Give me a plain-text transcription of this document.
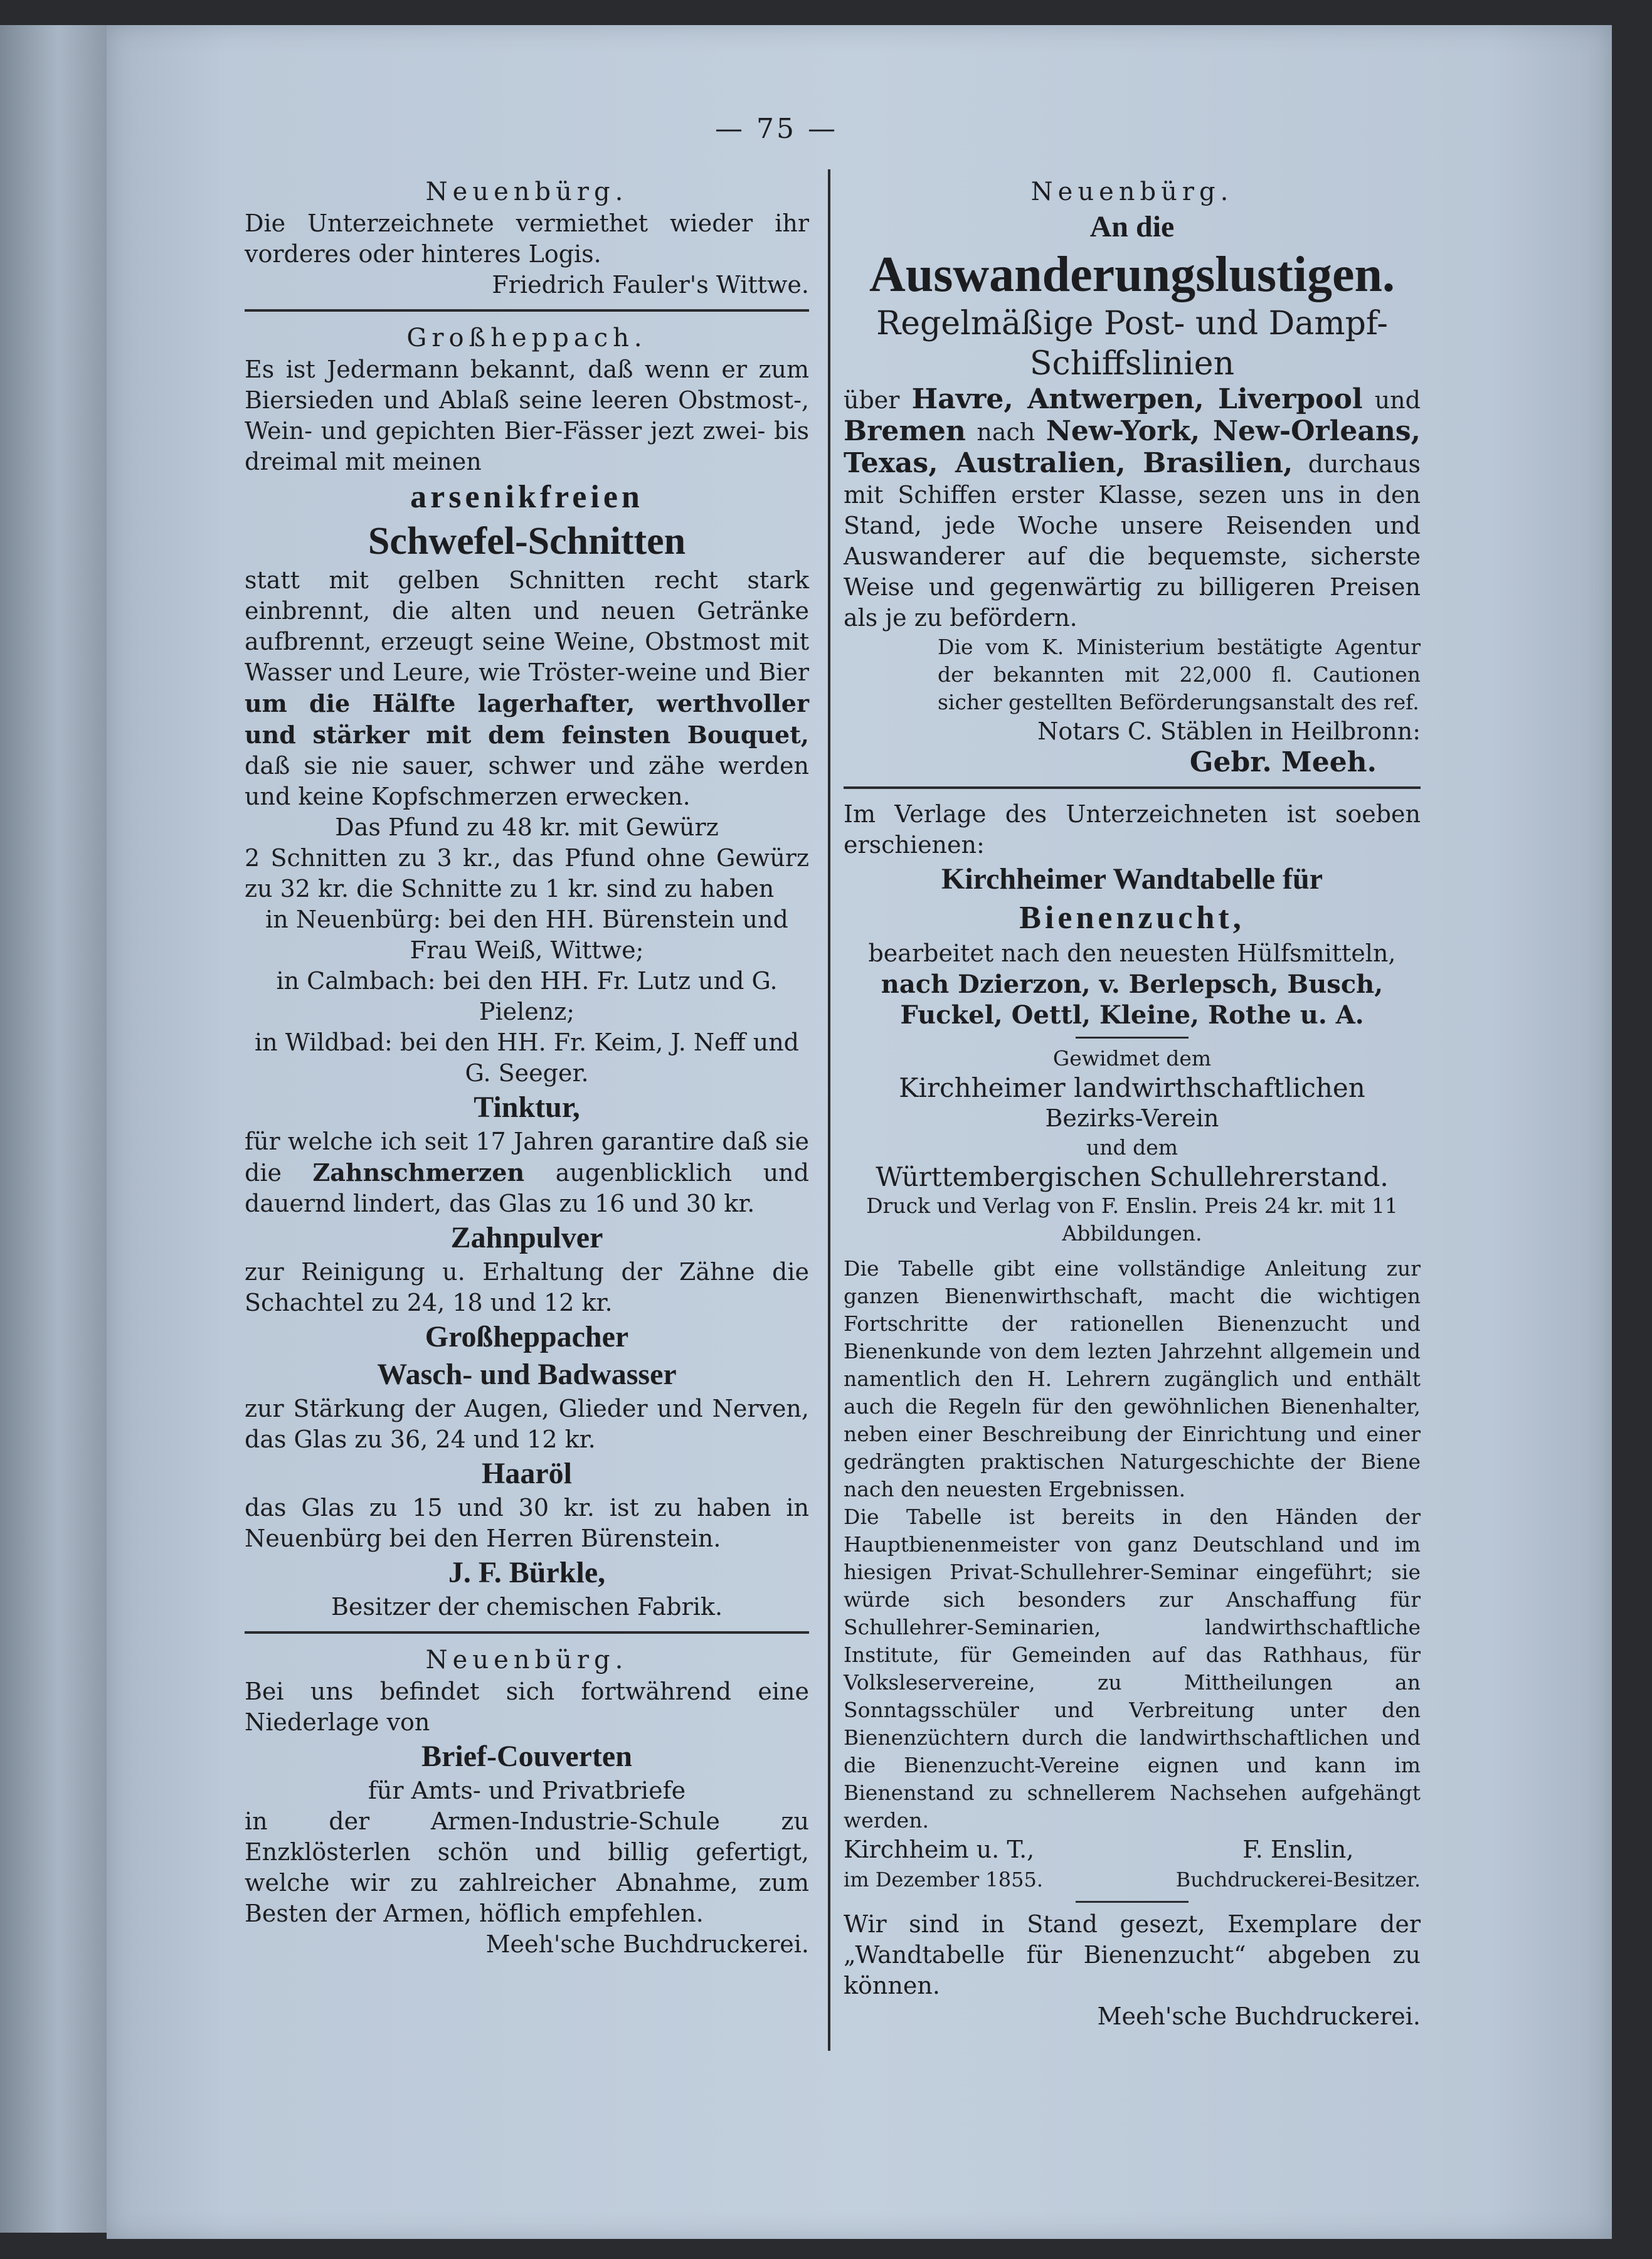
— 75 —

Neuenbürg.

Die Unterzeichnete vermiethet wieder ihr vorderes oder hinteres Logis.

Friedrich Fauler's Wittwe.

Großheppach.

Es ist Jedermann bekannt, daß wenn er zum Biersieden und Ablaß seine leeren Obstmost-, Wein- und gepichten Bier-Fässer jezt zwei- bis dreimal mit meinen

arsenikfreien

Schwefel-Schnitten

statt mit gelben Schnitten recht stark einbrennt, die alten und neuen Getränke aufbrennt, erzeugt seine Weine, Obstmost mit Wasser und Leure, wie Tröster-weine und Bier um die Hälfte lagerhafter, werthvoller und stärker mit dem feinsten Bouquet, daß sie nie sauer, schwer und zähe werden und keine Kopfschmerzen erwecken.

Das Pfund zu 48 kr. mit Gewürz

2 Schnitten zu 3 kr., das Pfund ohne Gewürz zu 32 kr. die Schnitte zu 1 kr. sind zu haben

in Neuenbürg: bei den HH. Bürenstein und Frau Weiß, Wittwe;

in Calmbach: bei den HH. Fr. Lutz und G. Pielenz;

in Wildbad: bei den HH. Fr. Keim, J. Neff und G. Seeger.

Tinktur,

für welche ich seit 17 Jahren garantire daß sie die Zahnschmerzen augenblicklich und dauernd lindert, das Glas zu 16 und 30 kr.

Zahnpulver

zur Reinigung u. Erhaltung der Zähne die Schachtel zu 24, 18 und 12 kr.

Großheppacher

Wasch- und Badwasser

zur Stärkung der Augen, Glieder und Nerven, das Glas zu 36, 24 und 12 kr.

Haaröl

das Glas zu 15 und 30 kr. ist zu haben in Neuenbürg bei den Herren Bürenstein.

J. F. Bürkle,

Besitzer der chemischen Fabrik.

Neuenbürg.

Bei uns befindet sich fortwährend eine Niederlage von

Brief-Couverten

für Amts- und Privatbriefe

in der Armen-Industrie-Schule zu Enzklösterlen schön und billig gefertigt, welche wir zu zahlreicher Abnahme, zum Besten der Armen, höflich empfehlen.

Meeh'sche Buchdruckerei.

Neuenbürg.

An die

Auswanderungslustigen.

Regelmäßige Post- und Dampf-Schiffslinien

über Havre, Antwerpen, Liverpool und Bremen nach New-York, New-Orleans, Texas, Australien, Brasilien, durchaus mit Schiffen erster Klasse, sezen uns in den Stand, jede Woche unsere Reisenden und Auswanderer auf die bequemste, sicherste Weise und gegenwärtig zu billigeren Preisen als je zu befördern.

Die vom K. Ministerium bestätigte Agentur der bekannten mit 22,000 fl. Cautionen sicher gestellten Beförderungsanstalt des ref.

Notars C. Stäblen in Heilbronn:

Gebr. Meeh.

Im Verlage des Unterzeichneten ist soeben erschienen:

Kirchheimer Wandtabelle für

Bienenzucht,

bearbeitet nach den neuesten Hülfsmitteln,

nach Dzierzon, v. Berlepsch, Busch, Fuckel, Oettl, Kleine, Rothe u. A.

Gewidmet dem

Kirchheimer landwirthschaftlichen

Bezirks-Verein

und dem

Württembergischen Schullehrerstand.

Druck und Verlag von F. Enslin. Preis 24 kr. mit 11 Abbildungen.

Die Tabelle gibt eine vollständige Anleitung zur ganzen Bienenwirthschaft, macht die wichtigen Fortschritte der rationellen Bienenzucht und Bienenkunde von dem lezten Jahrzehnt allgemein und namentlich den H. Lehrern zugänglich und enthält auch die Regeln für den gewöhnlichen Bienenhalter, neben einer Beschreibung der Einrichtung und einer gedrängten praktischen Naturgeschichte der Biene nach den neuesten Ergebnissen.

Die Tabelle ist bereits in den Händen der Hauptbienenmeister von ganz Deutschland und im hiesigen Privat-Schullehrer-Seminar eingeführt; sie würde sich besonders zur Anschaffung für Schullehrer-Seminarien, landwirthschaftliche Institute, für Gemeinden auf das Rathhaus, für Volksleservereine, zu Mittheilungen an Sonntagsschüler und Verbreitung unter den Bienenzüchtern durch die landwirthschaftlichen und die Bienenzucht-Vereine eignen und kann im Bienenstand zu schnellerem Nachsehen aufgehängt werden.

Kirchheim u. T.,
im Dezember 1855.
F. Enslin,
Buchdruckerei-Besitzer.

Wir sind in Stand gesezt, Exemplare der „Wandtabelle für Bienenzucht“ abgeben zu können.

Meeh'sche Buchdruckerei.
